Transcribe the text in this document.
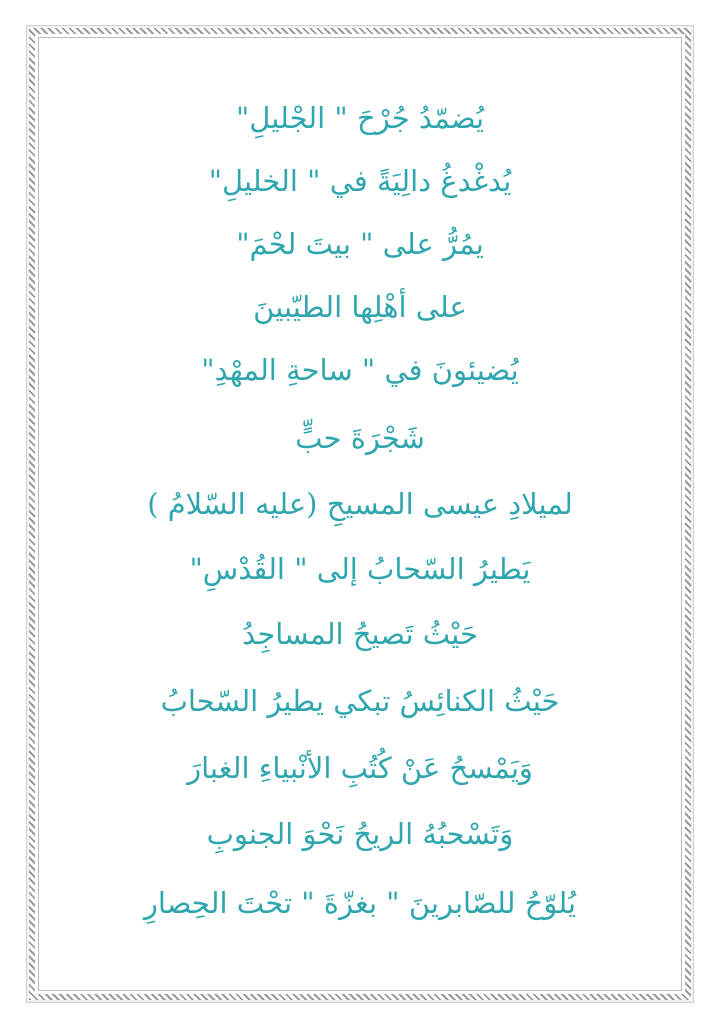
يُضمّدُ جُرْحَ " الجْليلِ"
يُدغْدغُ دالِيَةً في " الخليلِ"
يمُرُّ على " بيتَ لحْمَ"
على أهْلِها الطيّبينَ
يُضيئونَ في " ساحةِ المهْدِ"
شَجْرَةَ حبٍّ
لميلادِ عيسى المسيحِ (عليه السّلامُ )
يَطيرُ السّحابُ إلى " القُدْسِ"
حَيْثُ تَصيحُ المساجِدُ
حَيْثُ الكنائِسُ تبكي يطيرُ السّحابُ
وَيَمْسحُ عَنْ كُتُبِ الأنْبياءِ الغبارَ
وَتَسْحبُهُ الريحُ نَحْوَ الجنوبِ
يُلوّحُ للصّابرينَ " بغزّةَ " تحْتَ الحِصارِ
